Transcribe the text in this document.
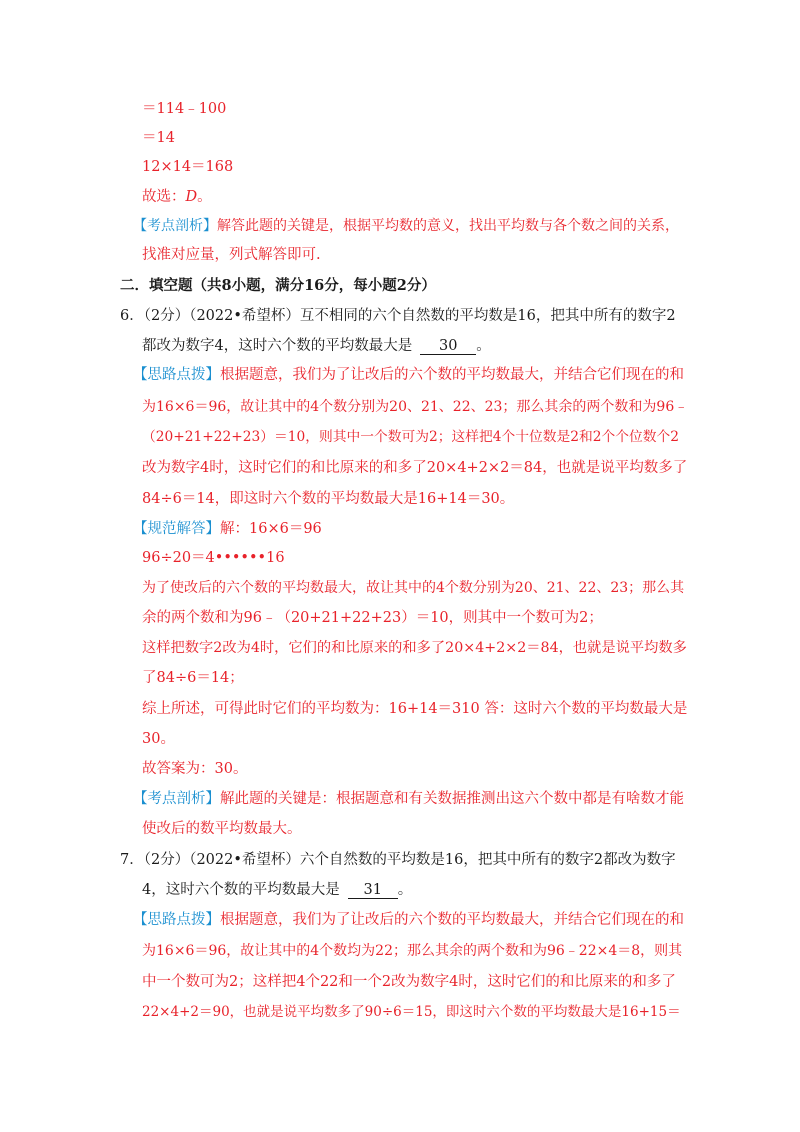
＝114﹣100
＝14
12×14＝168
故选：D。
【考点剖析】解答此题的关键是，根据平均数的意义，找出平均数与各个数之间的关系，
找准对应量，列式解答即可.
二．填空题（共8小题，满分16分，每小题2分）
6．（2分）（2022•希望杯）互不相同的六个自然数的平均数是16，把其中所有的数字2
都改为数字4，这时六个数的平均数最大是 30 。
【思路点拨】根据题意，我们为了让改后的六个数的平均数最大，并结合它们现在的和
为16×6＝96，故让其中的4个数分别为20、21、22、23；那么其余的两个数和为96﹣
（20+21+22+23）＝10，则其中一个数可为2；这样把4个十位数是2和2个个位数个2
改为数字4时，这时它们的和比原来的和多了20×4+2×2＝84，也就是说平均数多了
84÷6＝14，即这时六个数的平均数最大是16+14＝30。
【规范解答】解：16×6＝96
96÷20＝4••••••16
为了使改后的六个数的平均数最大，故让其中的4个数分别为20、21、22、23；那么其
余的两个数和为96﹣（20+21+22+23）＝10，则其中一个数可为2；
这样把数字2改为4时，它们的和比原来的和多了20×4+2×2＝84，也就是说平均数多
了84÷6＝14；
综上所述，可得此时它们的平均数为：16+14＝310 答：这时六个数的平均数最大是
30。
故答案为：30。
【考点剖析】解此题的关键是：根据题意和有关数据推测出这六个数中都是有啥数才能
使改后的数平均数最大。
7．（2分）（2022•希望杯）六个自然数的平均数是16，把其中所有的数字2都改为数字
4，这时六个数的平均数最大是 31 。
【思路点拨】根据题意，我们为了让改后的六个数的平均数最大，并结合它们现在的和
为16×6＝96，故让其中的4个数均为22；那么其余的两个数和为96﹣22×4＝8，则其
中一个数可为2；这样把4个22和一个2改为数字4时，这时它们的和比原来的和多了
22×4+2＝90，也就是说平均数多了90÷6＝15，即这时六个数的平均数最大是16+15＝
